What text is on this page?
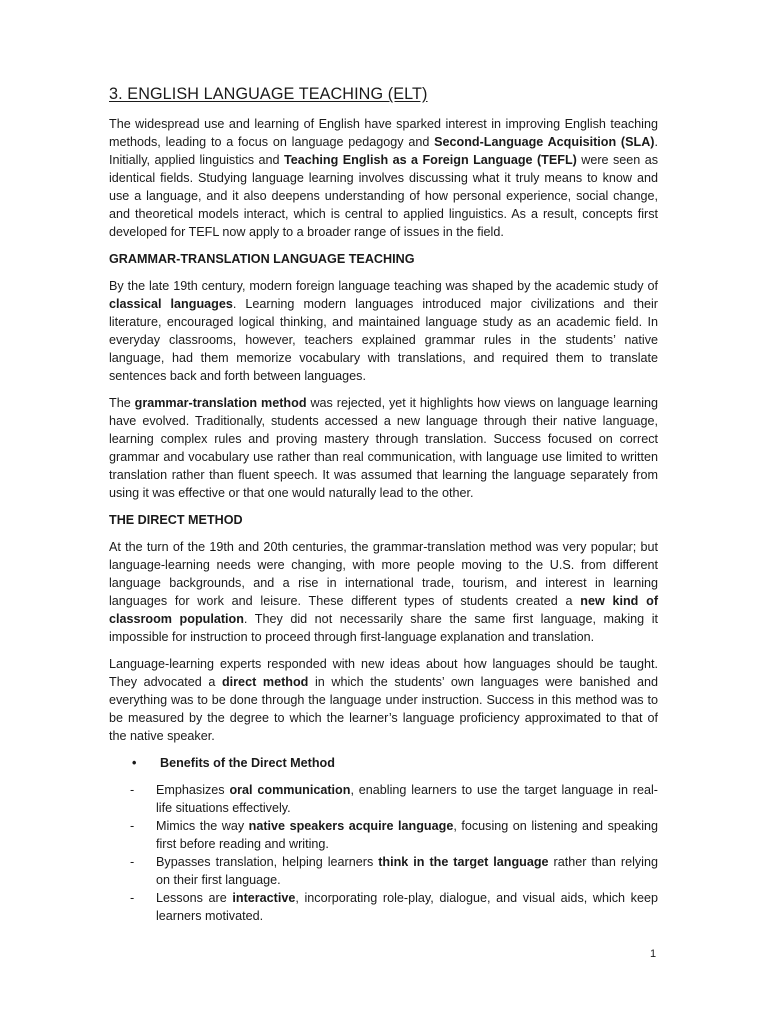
3. ENGLISH LANGUAGE TEACHING (ELT)

The widespread use and learning of English have sparked interest in improving English teaching methods, leading to a focus on language pedagogy and Second-Language Acquisition (SLA). Initially, applied linguistics and Teaching English as a Foreign Language (TEFL) were seen as identical fields. Studying language learning involves discussing what it truly means to know and use a language, and it also deepens understanding of how personal experience, social change, and theoretical models interact, which is central to applied linguistics. As a result, concepts first developed for TEFL now apply to a broader range of issues in the field.

GRAMMAR-TRANSLATION LANGUAGE TEACHING

By the late 19th century, modern foreign language teaching was shaped by the academic study of classical languages. Learning modern languages introduced major civilizations and their literature, encouraged logical thinking, and maintained language study as an academic field. In everyday classrooms, however, teachers explained grammar rules in the students’ native language, had them memorize vocabulary with translations, and required them to translate sentences back and forth between languages.

The grammar-translation method was rejected, yet it highlights how views on language learning have evolved. Traditionally, students accessed a new language through their native language, learning complex rules and proving mastery through translation. Success focused on correct grammar and vocabulary use rather than real communication, with language use limited to written translation rather than fluent speech. It was assumed that learning the language separately from using it was effective or that one would naturally lead to the other.

THE DIRECT METHOD

At the turn of the 19th and 20th centuries, the grammar-translation method was very popular; but language-learning needs were changing, with more people moving to the U.S. from different language backgrounds, and a rise in international trade, tourism, and interest in learning languages for work and leisure. These different types of students created a new kind of classroom population. They did not necessarily share the same first language, making it impossible for instruction to proceed through first-language explanation and translation.

Language-learning experts responded with new ideas about how languages should be taught. They advocated a direct method in which the students’ own languages were banished and everything was to be done through the language under instruction. Success in this method was to be measured by the degree to which the learner’s language proficiency approximated to that of the native speaker.

•	Benefits of the Direct Method
-	Emphasizes oral communication, enabling learners to use the target language in real-life situations effectively.
-	Mimics the way native speakers acquire language, focusing on listening and speaking first before reading and writing.
-	Bypasses translation, helping learners think in the target language rather than relying on their first language.
-	Lessons are interactive, incorporating role-play, dialogue, and visual aids, which keep learners motivated.
1
